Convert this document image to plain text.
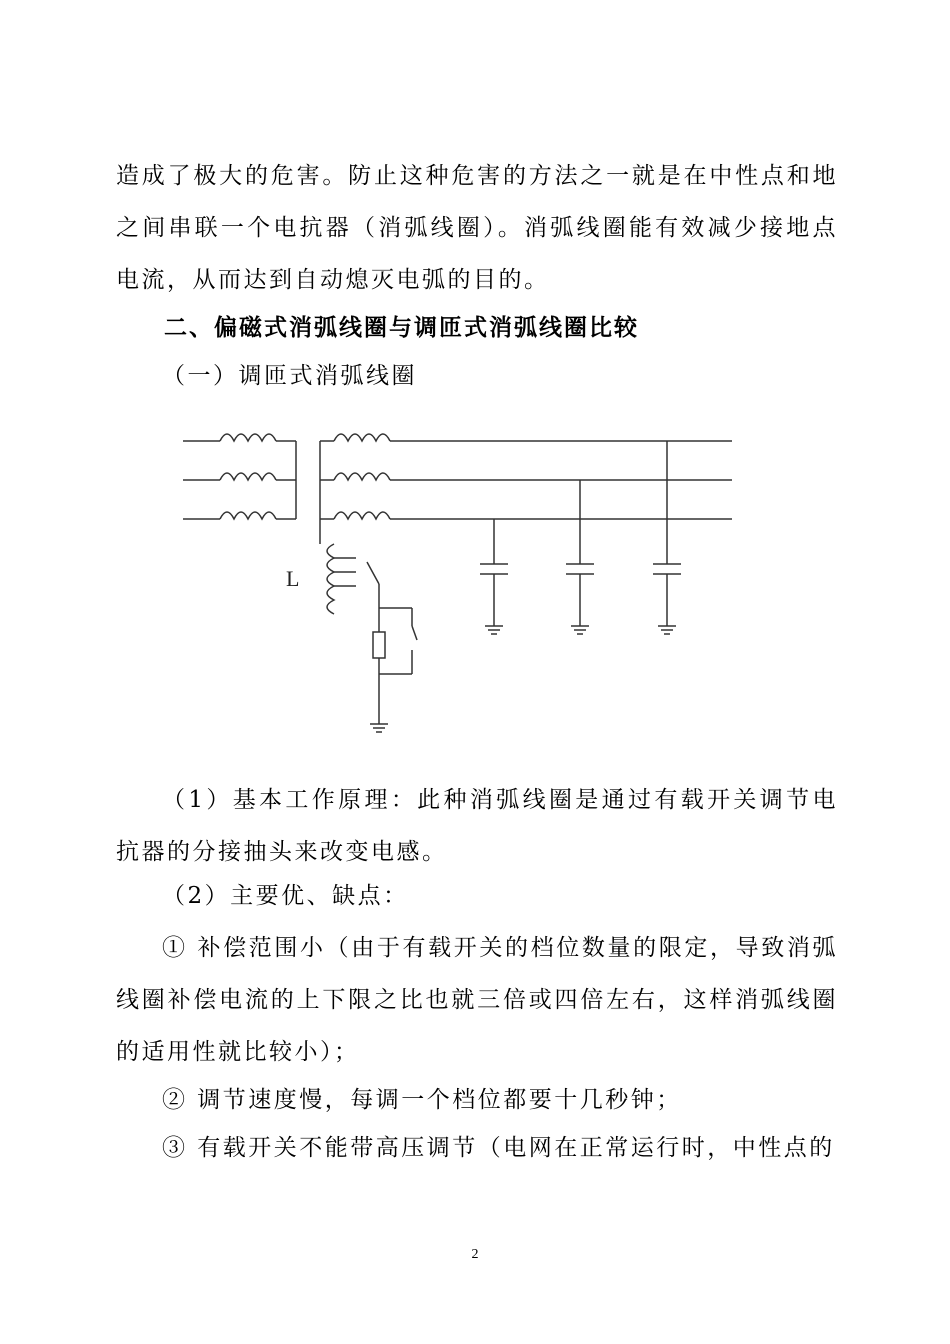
造成了极大的危害。防止这种危害的方法之一就是在中性点和地之间串联一个电抗器（消弧线圈）。消弧线圈能有效减少接地点电流，从而达到自动熄灭电弧的目的。

二、偏磁式消弧线圈与调匝式消弧线圈比较

（一）调匝式消弧线圈

L

（1）基本工作原理：此种消弧线圈是通过有载开关调节电抗器的分接抽头来改变电感。

（2）主要优、缺点：

① 补偿范围小（由于有载开关的档位数量的限定，导致消弧线圈补偿电流的上下限之比也就三倍或四倍左右，这样消弧线圈的适用性就比较小）；

② 调节速度慢，每调一个档位都要十几秒钟；

③ 有载开关不能带高压调节（电网在正常运行时，中性点的

2
